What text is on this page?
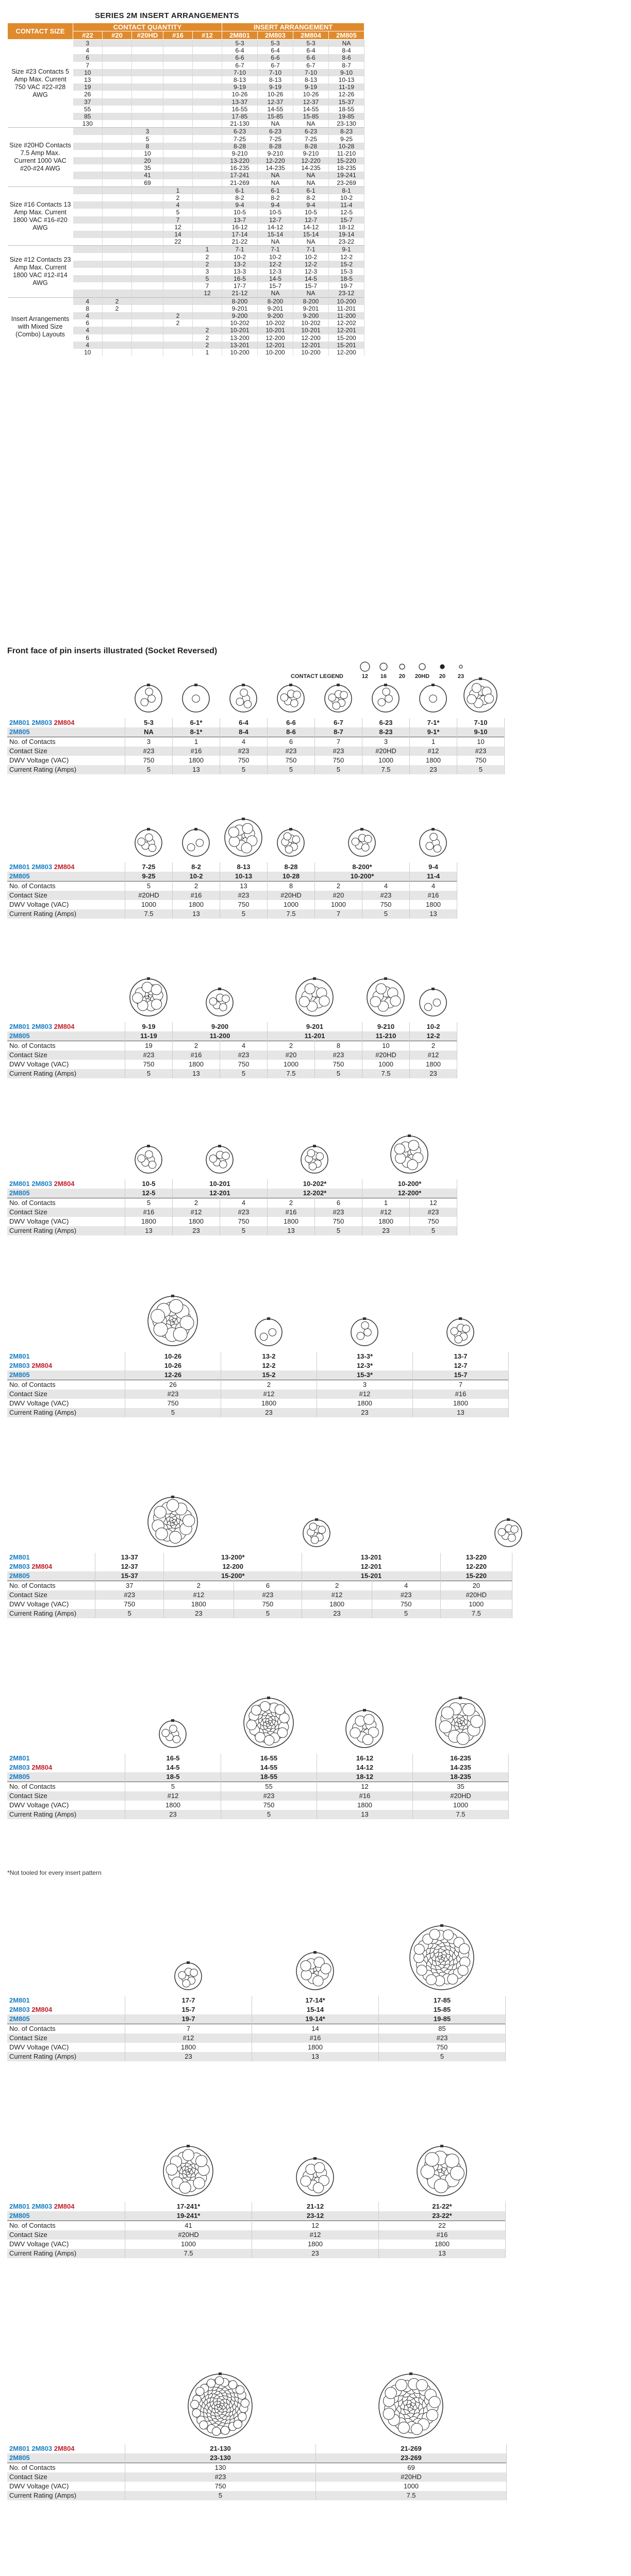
SERIES 2M INSERT ARRANGEMENTS
CONTACT SIZE	CONTACT QUANTITY					INSERT ARRANGEMENT			
	#22	#20	#20HD	#16	#12	2M801	2M803	2M804	2M805
Size #23 Contacts 5 Amp Max. Current 750 VAC #22-#28 AWG	3					5-3	5-3	5-3	NA
	4					6-4	6-4	6-4	8-4
	6					6-6	6-6	6-6	8-6
	7					6-7	6-7	6-7	8-7
	10					7-10	7-10	7-10	9-10
	13					8-13	8-13	8-13	10-13
	19					9-19	9-19	9-19	11-19
	26					10-26	10-26	10-26	12-26
	37					13-37	12-37	12-37	15-37
	55					16-55	14-55	14-55	18-55
	85					17-85	15-85	15-85	19-85
	130					21-130	NA	NA	23-130
Size #20HD Contacts 7.5 Amp Max. Current 1000 VAC #20-#24 AWG			3			6-23	6-23	6-23	8-23
			5			7-25	7-25	7-25	9-25
			8			8-28	8-28	8-28	10-28
			10			9-210	9-210	9-210	11-210
			20			13-220	12-220	12-220	15-220
			35			16-235	14-235	14-235	18-235
			41			17-241	NA	NA	19-241
			69			21-269	NA	NA	23-269
Size #16 Contacts 13 Amp Max. Current 1800 VAC #16-#20 AWG				1		6-1	6-1	6-1	8-1
				2		8-2	8-2	8-2	10-2
				4		9-4	9-4	9-4	11-4
				5		10-5	10-5	10-5	12-5
				7		13-7	12-7	12-7	15-7
				12		16-12	14-12	14-12	18-12
				14		17-14	15-14	15-14	19-14
				22		21-22	NA	NA	23-22
Size #12 Contacts 23 Amp Max. Current 1800 VAC #12-#14 AWG					1	7-1	7-1	7-1	9-1
					2	10-2	10-2	10-2	12-2
					2	13-2	12-2	12-2	15-2
					3	13-3	12-3	12-3	15-3
					5	16-5	14-5	14-5	18-5
					7	17-7	15-7	15-7	19-7
					12	21-12	NA	NA	23-12
Insert Arrangements with Mixed Size (Combo) Layouts	4	2				8-200	8-200	8-200	10-200
	8	2				9-201	9-201	9-201	11-201
	4			2		9-200	9-200	9-200	11-200
	6			2		10-202	10-202	10-202	12-202
	4				2	10-201	10-201	10-201	12-201
	6				2	13-200	12-200	12-200	15-200
	4				2	13-201	12-201	12-201	15-201
	10				1	10-200	10-200	10-200	12-200
Front face of pin inserts illustrated (Socket Reversed)
CONTACT LEGEND	12	16	20	20HD	20	23
2M801 2M803 2M804	5-3	6-1*	6-4	6-6	6-7	6-23	7-1*	7-10
2M805	NA	8-1*	8-4	8-6	8-7	8-23	9-1*	9-10
No. of Contacts	3	1	4	6	7	3	1	10
Contact Size	#23	#16	#23	#23	#23	#20HD	#12	#23
DWV Voltage (VAC)	750	1800	750	750	750	1000	1800	750
Current Rating (Amps)	5	13	5	5	5	7.5	23	5
2M801 2M803 2M804	7-25	8-2	8-13	8-28	8-200*		9-4
2M805	9-25	10-2	10-13	10-28	10-200*		11-4
No. of Contacts	5	2	13	8	2	4	4
Contact Size	#20HD	#16	#23	#20HD	#20	#23	#16
DWV Voltage (VAC)	1000	1800	750	1000	1000	750	1800
Current Rating (Amps)	7.5	13	5	7.5	7	5	13
2M801 2M803 2M804	9-19	9-200		9-201		9-210	10-2
2M805	11-19	11-200		11-201		11-210	12-2
No. of Contacts	19	2	4	2	8	10	2
Contact Size	#23	#16	#23	#20	#23	#20HD	#12
DWV Voltage (VAC)	750	1800	750	1000	750	1000	1800
Current Rating (Amps)	5	13	5	7.5	5	7.5	23
2M801 2M803 2M804	10-5	10-201		10-202*		10-200*	
2M805	12-5	12-201		12-202*		12-200*	
No. of Contacts	5	2	4	2	6	1	12
Contact Size	#16	#12	#23	#16	#23	#12	#23
DWV Voltage (VAC)	1800	1800	750	1800	750	1800	750
Current Rating (Amps)	13	23	5	13	5	23	5
2M801	10-26	13-2	13-3*	13-7
2M803 2M804	10-26	12-2	12-3*	12-7
2M805	12-26	15-2	15-3*	15-7
No. of Contacts	26	2	3	7
Contact Size	#23	#12	#12	#16
DWV Voltage (VAC)	750	1800	1800	1800
Current Rating (Amps)	5	23	23	13
2M801	13-37	13-200*		13-201		13-220
2M803 2M804	12-37	12-200		12-201		12-220
2M805	15-37	15-200*		15-201		15-220
No. of Contacts	37	2	6	2	4	20
Contact Size	#23	#12	#23	#12	#23	#20HD
DWV Voltage (VAC)	750	1800	750	1800	750	1000
Current Rating (Amps)	5	23	5	23	5	7.5
2M801	16-5	16-55	16-12	16-235
2M803 2M804	14-5	14-55	14-12	14-235
2M805	18-5	18-55	18-12	18-235
No. of Contacts	5	55	12	35
Contact Size	#12	#23	#16	#20HD
DWV Voltage (VAC)	1800	750	1800	1000
Current Rating (Amps)	23	5	13	7.5
2M801	17-7	17-14*	17-85
2M803 2M804	15-7	15-14	15-85
2M805	19-7	19-14*	19-85
No. of Contacts	7	14	85
Contact Size	#12	#16	#23
DWV Voltage (VAC)	1800	1800	750
Current Rating (Amps)	23	13	5
2M801 2M803 2M804	17-241*	21-12	21-22*
2M805	19-241*	23-12	23-22*
No. of Contacts	41	12	22
Contact Size	#20HD	#12	#16
DWV Voltage (VAC)	1000	1800	1800
Current Rating (Amps)	7.5	23	13
2M801 2M803 2M804	21-130	21-269
2M805	23-130	23-269
No. of Contacts	130	69
Contact Size	#23	#20HD
DWV Voltage (VAC)	750	1000
Current Rating (Amps)	5	7.5
*Not tooled for every insert pattern
